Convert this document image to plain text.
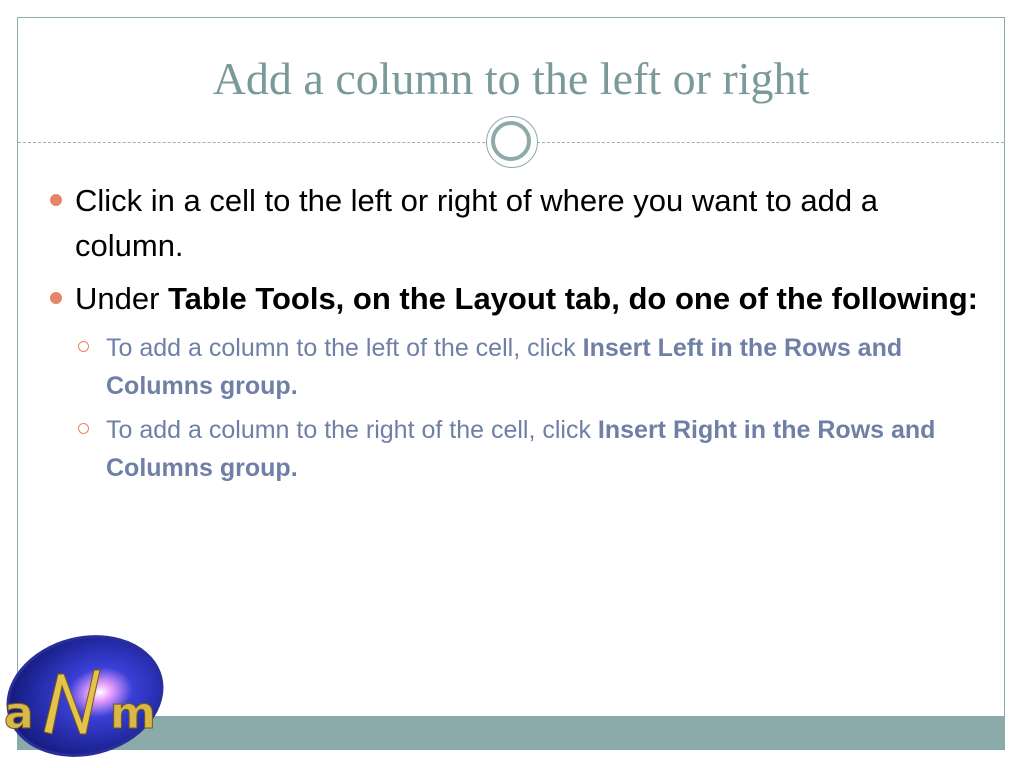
Add a column to the left or right
Click in a cell to the left or right of where you want to add a column.
Under Table Tools, on the Layout tab, do one of the following:
To add a column to the left of the cell, click Insert Left in the Rows and Columns group.
To add a column to the right of the cell, click Insert Right in the Rows and Columns group.
a m
